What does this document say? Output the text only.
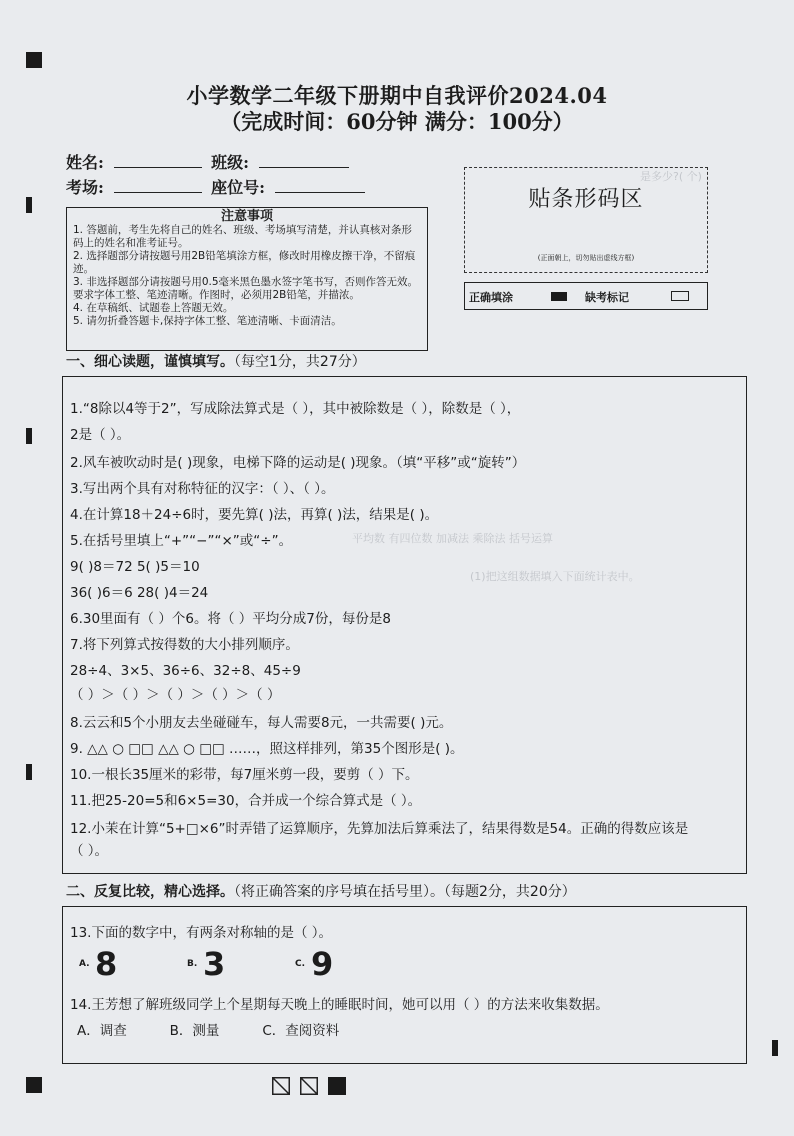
是多少?( 个)
(1)把这组数据填入下面统计表中。
平均数 有四位数 加减法 乘除法 括号运算
小学数学二年级下册期中自我评价2024.04
（完成时间：60分钟 满分：100分）
姓名:	班级:
考场:	座位号:
注意事项
1. 答题前，考生先将自己的姓名、班级、考场填写清楚，并认真核对条形码上的姓名和准考证号。
2. 选择题部分请按题号用2B铅笔填涂方框，修改时用橡皮擦干净，不留痕迹。
3. 非选择题部分请按题号用0.5毫米黑色墨水签字笔书写，否则作答无效。要求字体工整、笔迹清晰。作图时，必须用2B铅笔，并描浓。
4. 在草稿纸、试题卷上答题无效。
5. 请勿折叠答题卡,保持字体工整、笔迹清晰、卡面清洁。
贴条形码区
(正面朝上，切勿贴出虚线方框)
正确填涂	缺考标记
一、细心读题，谨慎填写。（每空1分，共27分）
1.“8除以4等于2”，写成除法算式是（ ），其中被除数是（ ），除数是（ ），
2是（ ）。
2.风车被吹动时是( )现象，电梯下降的运动是( )现象。（填“平移”或“旋转”）
3.写出两个具有对称特征的汉字：（ ）、（ ）。
4.在计算18＋24÷6时，要先算( )法，再算( )法，结果是( )。
5.在括号里填上“+”“−”“×”或“÷”。
9( )8＝72 5( )5＝10
36( )6＝6 28( )4＝24
6.30里面有（ ）个6。将（ ）平均分成7份，每份是8
7.将下列算式按得数的大小排列顺序。
28÷4、3×5、36÷6、32÷8、45÷9
（ ）＞（ ）＞（ ）＞（ ）＞（ ）
8.云云和5个小朋友去坐碰碰车，每人需要8元，一共需要( )元。
9. △△ ○ □□ △△ ○ □□ ……，照这样排列，第35个图形是( )。
10.一根长35厘米的彩带，每7厘米剪一段，要剪（ ）下。
11.把25-20=5和6×5=30，合并成一个综合算式是（ ）。
12.小茉在计算“5+□×6”时弄错了运算顺序，先算加法后算乘法了，结果得数是54。正确的得数应该是
（ ）。
二、反复比较，精心选择。（将正确答案的序号填在括号里）。（每题2分，共20分）
13.下面的数字中，有两条对称轴的是（ ）。
A. 8	B. 3	C. 9
14.王芳想了解班级同学上个星期每天晚上的睡眠时间，她可以用（ ）的方法来收集数据。
A．调查          B．测量          C．查阅资料
